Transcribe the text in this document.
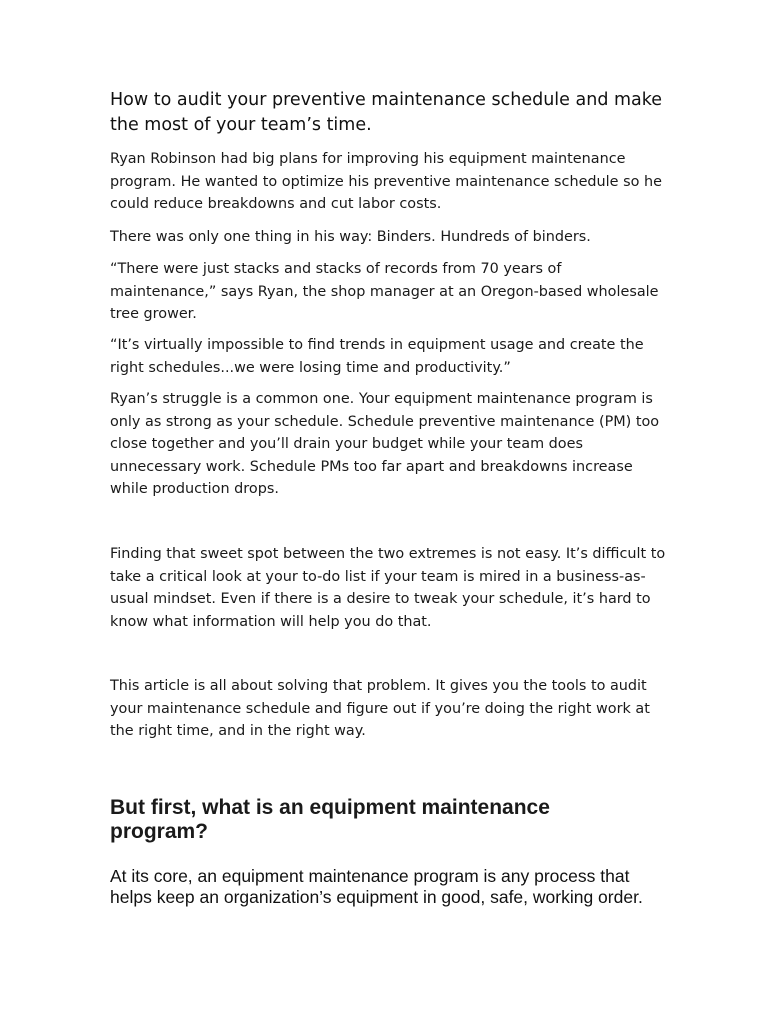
How to audit your preventive maintenance schedule and make the most of your team’s time.

Ryan Robinson had big plans for improving his equipment maintenance program. He wanted to optimize his preventive maintenance schedule so he could reduce breakdowns and cut labor costs.

There was only one thing in his way: Binders. Hundreds of binders.

“There were just stacks and stacks of records from 70 years of maintenance,” says Ryan, the shop manager at an Oregon-based wholesale tree grower.

“It’s virtually impossible to find trends in equipment usage and create the right schedules...we were losing time and productivity.”

Ryan’s struggle is a common one. Your equipment maintenance program is only as strong as your schedule. Schedule preventive maintenance (PM) too close together and you’ll drain your budget while your team does unnecessary work. Schedule PMs too far apart and breakdowns increase while production drops.

Finding that sweet spot between the two extremes is not easy. It’s difficult to take a critical look at your to-do list if your team is mired in a business-as-usual mindset. Even if there is a desire to tweak your schedule, it’s hard to know what information will help you do that.

This article is all about solving that problem. It gives you the tools to audit your maintenance schedule and figure out if you’re doing the right work at the right time, and in the right way.

But first, what is an equipment maintenance program?

At its core, an equipment maintenance program is any process that helps keep an organization’s equipment in good, safe, working order.
